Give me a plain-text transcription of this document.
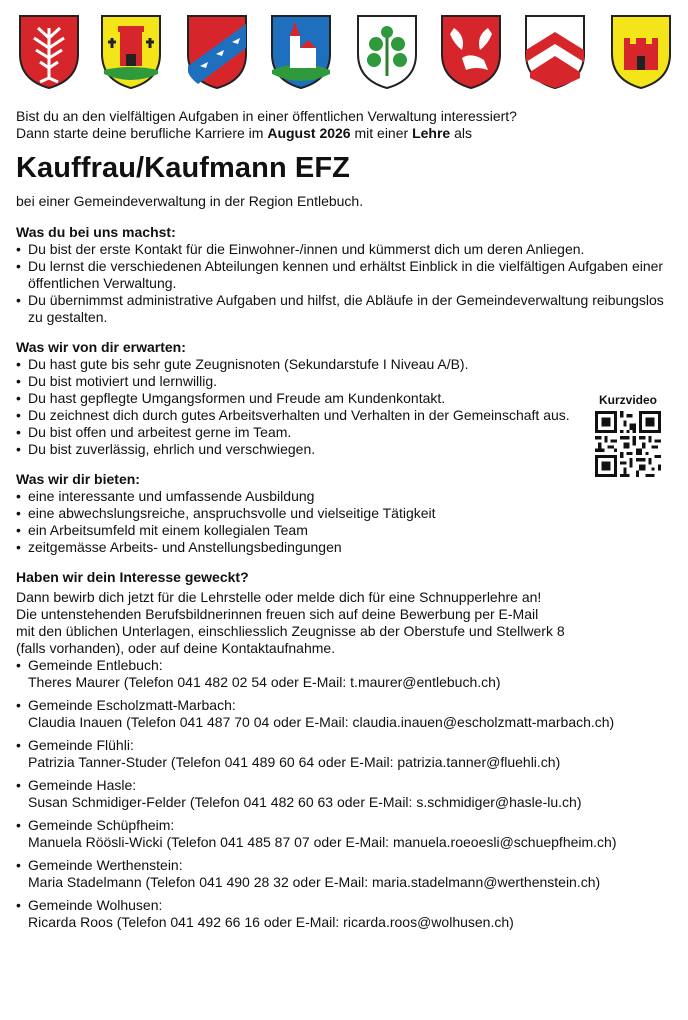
Bist du an den vielfältigen Aufgaben in einer öffentlichen Verwaltung interessiert?
Dann starte deine berufliche Karriere im August 2026 mit einer Lehre als
Kauffrau/Kaufmann EFZ
bei einer Gemeindeverwaltung in der Region Entlebuch.
Was du bei uns machst:
• Du bist der erste Kontakt für die Einwohner-/innen und kümmerst dich um deren Anliegen.
• Du lernst die verschiedenen Abteilungen kennen und erhältst Einblick in die vielfältigen Aufgaben einer öffentlichen Verwaltung.
• Du übernimmst administrative Aufgaben und hilfst, die Abläufe in der Gemeindeverwaltung reibungslos zu gestalten.
Was wir von dir erwarten:
• Du hast gute bis sehr gute Zeugnisnoten (Sekundarstufe I Niveau A/B).
• Du bist motiviert und lernwillig.
• Du hast gepflegte Umgangsformen und Freude am Kundenkontakt.
• Du zeichnest dich durch gutes Arbeitsverhalten und Verhalten in der Gemeinschaft aus.
• Du bist offen und arbeitest gerne im Team.
• Du bist zuverlässig, ehrlich und verschwiegen.
Was wir dir bieten:
• eine interessante und umfassende Ausbildung
• eine abwechslungsreiche, anspruchsvolle und vielseitige Tätigkeit
• ein Arbeitsumfeld mit einem kollegialen Team
• zeitgemässe Arbeits- und Anstellungsbedingungen
Haben wir dein Interesse geweckt?
Dann bewirb dich jetzt für die Lehrstelle oder melde dich für eine Schnupperlehre an!
Die untenstehenden Berufsbildnerinnen freuen sich auf deine Bewerbung per E-Mail
mit den üblichen Unterlagen, einschliesslich Zeugnisse ab der Oberstufe und Stellwerk 8
(falls vorhanden), oder auf deine Kontaktaufnahme.
• Gemeinde Entlebuch:
Theres Maurer (Telefon 041 482 02 54 oder E-Mail: t.maurer@entlebuch.ch)
• Gemeinde Escholzmatt-Marbach:
Claudia Inauen (Telefon 041 487 70 04 oder E-Mail: claudia.inauen@escholzmatt-marbach.ch)
• Gemeinde Flühli:
Patrizia Tanner-Studer (Telefon 041 489 60 64 oder E-Mail: patrizia.tanner@fluehli.ch)
• Gemeinde Hasle:
Susan Schmidiger-Felder (Telefon 041 482 60 63 oder E-Mail: s.schmidiger@hasle-lu.ch)
• Gemeinde Schüpfheim:
Manuela Röösli-Wicki (Telefon 041 485 87 07 oder E-Mail: manuela.roeoesli@schuepfheim.ch)
• Gemeinde Werthenstein:
Maria Stadelmann (Telefon 041 490 28 32 oder E-Mail: maria.stadelmann@werthenstein.ch)
• Gemeinde Wolhusen:
Ricarda Roos (Telefon 041 492 66 16 oder E-Mail: ricarda.roos@wolhusen.ch)
Kurzvideo
